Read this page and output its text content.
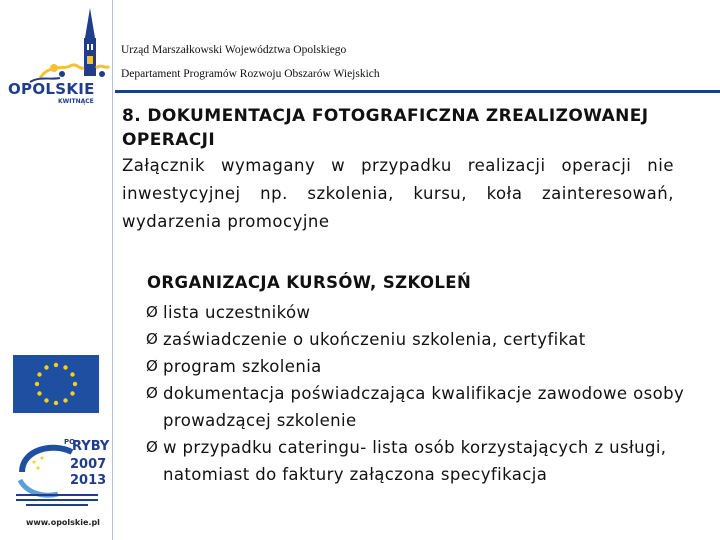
OPOLSKIE
KWITNĄCE
PO
RYBY
2007
2013
www.opolskie.pl
Urząd Marszałkowski Województwa Opolskiego
Departament Programów Rozwoju Obszarów Wiejskich
8. DOKUMENTACJA FOTOGRAFICZNA ZREALIZOWANEJ OPERACJI
Załącznik wymagany w przypadku realizacji operacji nie inwestycyjnej np. szkolenia, kursu, koła zainteresowań, wydarzenia promocyjne
ORGANIZACJA KURSÓW, SZKOLEŃ
Ø lista uczestników
Ø zaświadczenie o ukończeniu szkolenia, certyfikat
Ø program szkolenia
Ø dokumentacja poświadczająca kwalifikacje zawodowe osoby prowadzącej szkolenie
Ø w przypadku cateringu- lista osób korzystających z usługi, natomiast do faktury załączona specyfikacja
